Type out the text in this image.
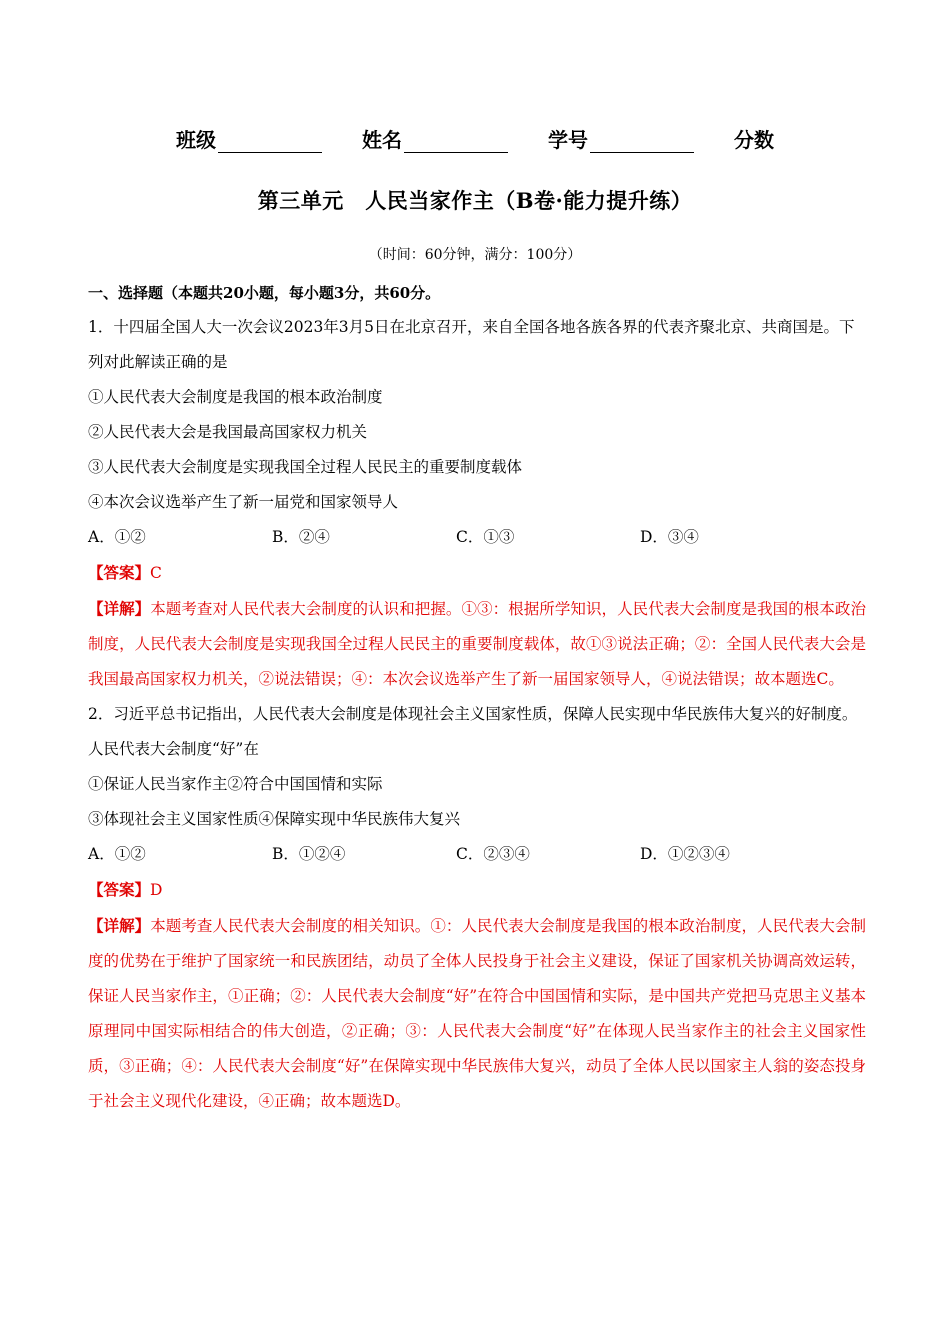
班级	姓名	学号	分数
第三单元　人民当家作主（B卷·能力提升练）
（时间：60分钟，满分：100分）
一、选择题（本题共20小题，每小题3分，共60分。
1．十四届全国人大一次会议2023年3月5日在北京召开，来自全国各地各族各界的代表齐聚北京、共商国是。下列对此解读正确的是
①人民代表大会制度是我国的根本政治制度
②人民代表大会是我国最高国家权力机关
③人民代表大会制度是实现我国全过程人民民主的重要制度载体
④本次会议选举产生了新一届党和国家领导人
A．①②	B．②④	C．①③	D．③④
【答案】C
【详解】本题考查对人民代表大会制度的认识和把握。①③：根据所学知识，人民代表大会制度是我国的根本政治制度，人民代表大会制度是实现我国全过程人民民主的重要制度载体，故①③说法正确；②：全国人民代表大会是我国最高国家权力机关，②说法错误；④：本次会议选举产生了新一届国家领导人，④说法错误；故本题选C。
2．习近平总书记指出，人民代表大会制度是体现社会主义国家性质，保障人民实现中华民族伟大复兴的好制度。人民代表大会制度“好”在
①保证人民当家作主②符合中国国情和实际
③体现社会主义国家性质④保障实现中华民族伟大复兴
A．①②	B．①②④	C．②③④	D．①②③④
【答案】D
【详解】本题考查人民代表大会制度的相关知识。①：人民代表大会制度是我国的根本政治制度，人民代表大会制度的优势在于维护了国家统一和民族团结，动员了全体人民投身于社会主义建设，保证了国家机关协调高效运转，保证人民当家作主，①正确；②：人民代表大会制度“好”在符合中国国情和实际，是中国共产党把马克思主义基本原理同中国实际相结合的伟大创造，②正确；③：人民代表大会制度“好”在体现人民当家作主的社会主义国家性质，③正确；④：人民代表大会制度“好”在保障实现中华民族伟大复兴，动员了全体人民以国家主人翁的姿态投身于社会主义现代化建设，④正确；故本题选D。
